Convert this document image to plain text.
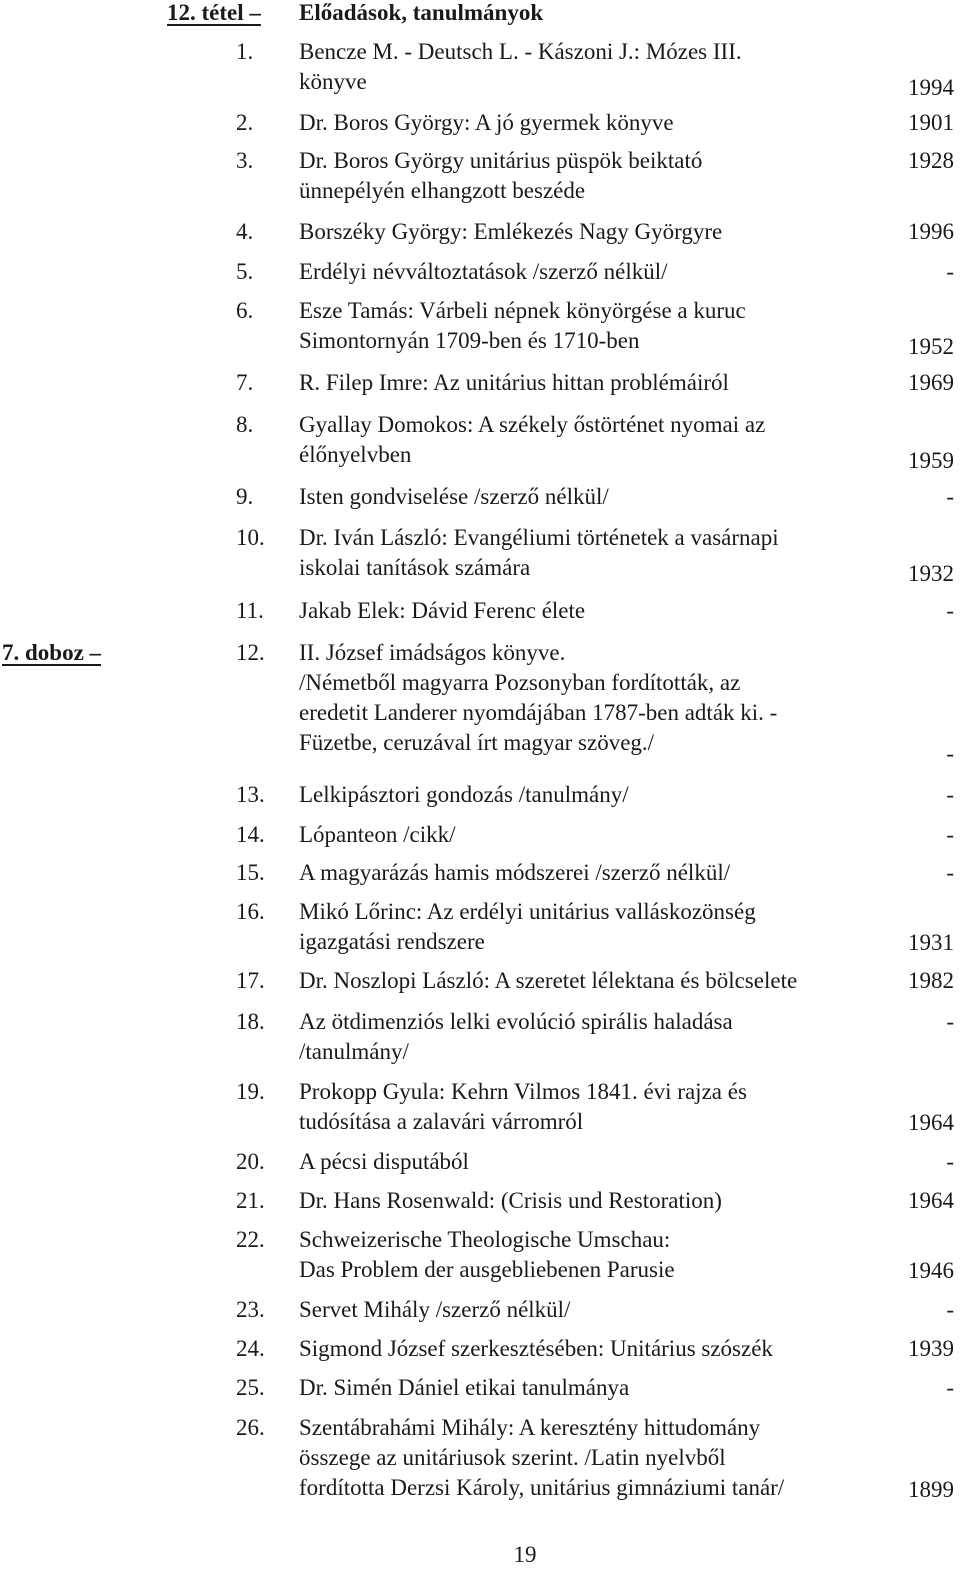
12. tétel – Előadások, tanulmányok
7. doboz –
1. Bencze M. - Deutsch L. - Kászoni J.: Mózes III.
könyve	1994
2. Dr. Boros György: A jó gyermek könyve	1901
3. Dr. Boros György unitárius püspök beiktató
ünnepélyén elhangzott beszéde
1928
4. Borszéky György: Emlékezés Nagy Györgyre	1996
5. Erdélyi névváltoztatások /szerző nélkül/	-
6. Esze Tamás: Várbeli népnek könyörgése a kuruc
Simontornyán 1709-ben és 1710-ben	1952
7. R. Filep Imre: Az unitárius hittan problémáiról	1969
8. Gyallay Domokos: A székely őstörténet nyomai az
élőnyelvben	1959
9. Isten gondviselése /szerző nélkül/	-
10. Dr. Iván László: Evangéliumi történetek a vasárnapi
iskolai tanítások számára	1932
11. Jakab Elek: Dávid Ferenc élete	-
12. II. József imádságos könyve.
/Németből magyarra Pozsonyban fordították, az
eredetit Landerer nyomdájában 1787-ben adták ki. -
Füzetbe, ceruzával írt magyar szöveg./	-
13. Lelkipásztori gondozás /tanulmány/	-
14. Lópanteon /cikk/	-
15. A magyarázás hamis módszerei /szerző nélkül/	-
16. Mikó Lőrinc: Az erdélyi unitárius valláskozönség
igazgatási rendszere	1931
17. Dr. Noszlopi László: A szeretet lélektana és bölcselete	1982
18. Az ötdimenziós lelki evolúció spirális haladása
/tanulmány/
-
19. Prokopp Gyula: Kehrn Vilmos 1841. évi rajza és
tudósítása a zalavári várromról	1964
20. A pécsi disputából	-
21. Dr. Hans Rosenwald: (Crisis und Restoration)	1964
22. Schweizerische Theologische Umschau:
Das Problem der ausgebliebenen Parusie	1946
23. Servet Mihály /szerző nélkül/	-
24. Sigmond József szerkesztésében: Unitárius szószék	1939
25. Dr. Simén Dániel etikai tanulmánya	-
26. Szentábrahámi Mihály: A keresztény hittudomány
összege az unitáriusok szerint. /Latin nyelvből
fordította Derzsi Károly, unitárius gimnáziumi tanár/	1899
19
